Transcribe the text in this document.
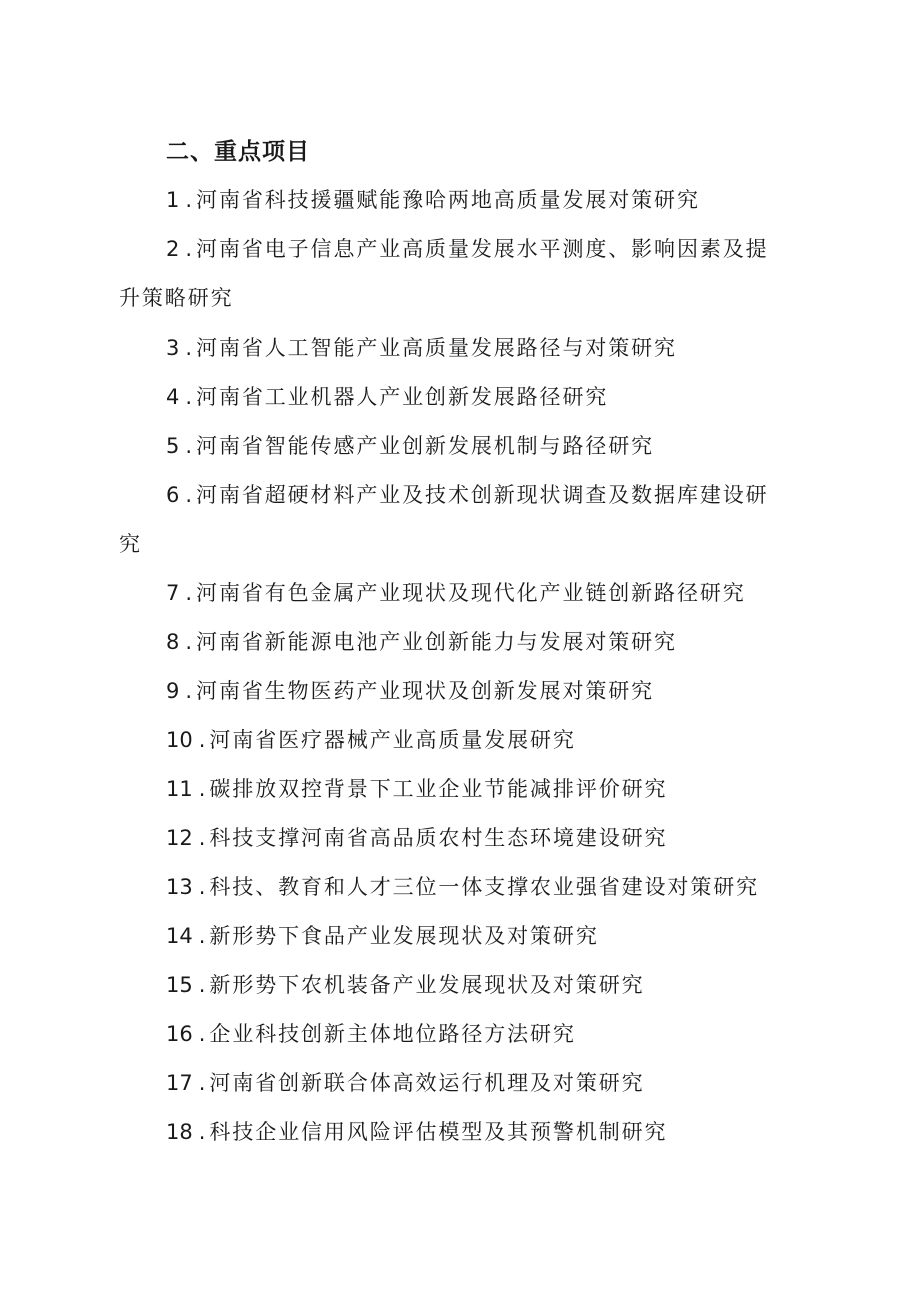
二、重点项目

1 . 河南省科技援疆赋能豫哈两地高质量发展对策研究

2 . 河南省电子信息产业高质量发展水平测度、影响因素及提升策略研究

3 . 河南省人工智能产业高质量发展路径与对策研究

4 . 河南省工业机器人产业创新发展路径研究

5 . 河南省智能传感产业创新发展机制与路径研究

6 . 河南省超硬材料产业及技术创新现状调查及数据库建设研究

7 . 河南省有色金属产业现状及现代化产业链创新路径研究

8 . 河南省新能源电池产业创新能力与发展对策研究

9 . 河南省生物医药产业现状及创新发展对策研究

10 . 河南省医疗器械产业高质量发展研究

11 . 碳排放双控背景下工业企业节能减排评价研究

12 . 科技支撑河南省高品质农村生态环境建设研究

13 . 科技、教育和人才三位一体支撑农业强省建设对策研究

14 . 新形势下食品产业发展现状及对策研究

15 . 新形势下农机装备产业发展现状及对策研究

16 . 企业科技创新主体地位路径方法研究

17 . 河南省创新联合体高效运行机理及对策研究

18 . 科技企业信用风险评估模型及其预警机制研究
